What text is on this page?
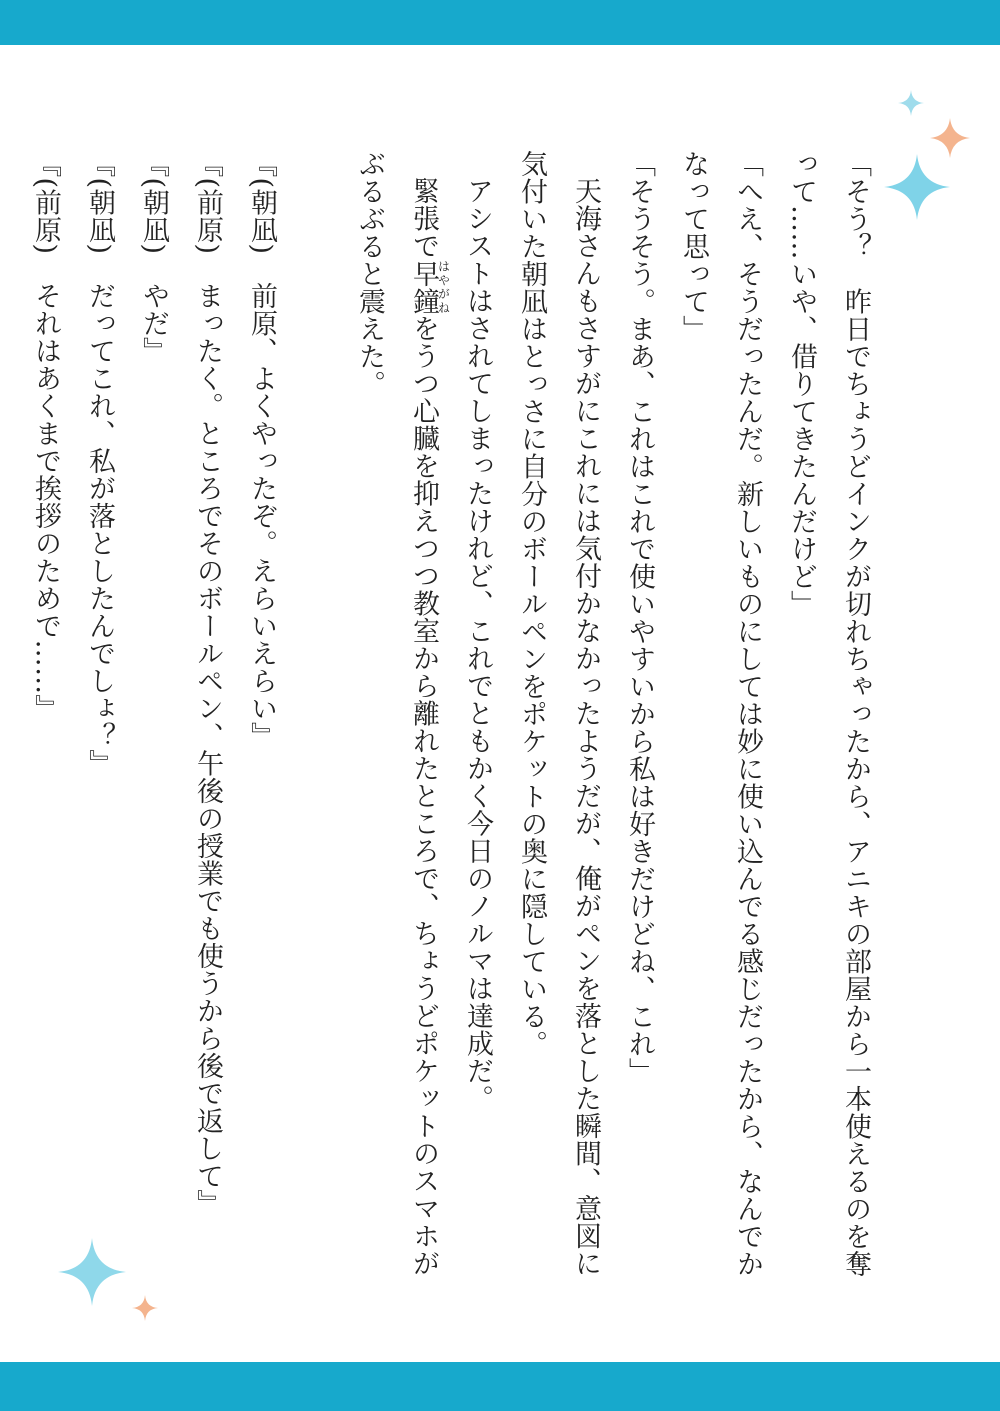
「そう？　昨日でちょうどインクが切れちゃったから、アニキの部屋から一本使えるのを奪って……いや、借りてきたんだけど」

「へえ、そうだったんだ。新しいものにしては妙に使い込んでる感じだったから、なんでかなって思って」

「そうそう。まあ、これはこれで使いやすいから私は好きだけどね、これ」

天海さんもさすがにこれには気付かなかったようだが、俺がペンを落とした瞬間、意図に気付いた朝凪はとっさに自分のボールペンをポケットの奥に隠している。

アシストはされてしまったけれど、これでともかく今日のノルマは達成だ。

緊張で早鐘はやがねをうつ心臓を抑えつつ教室から離れたところで、ちょうどポケットのスマホがぶるぶると震えた。

『(朝凪)　前原、よくやったぞ。えらいえらい』

『(前原)　まったく。ところでそのボールペン、午後の授業でも使うから後で返して』

『(朝凪)　やだ』

『(朝凪)　だってこれ、私が落としたんでしょ？』

『(前原)　それはあくまで挨拶のためで……』
